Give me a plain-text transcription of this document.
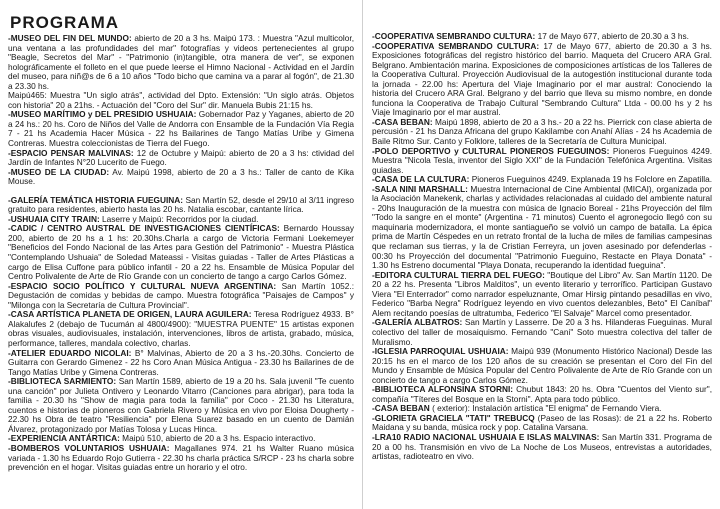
PROGRAMA

-MUSEO DEL FIN DEL MUNDO: abierto de 20 a 3 hs. Maipú 173. : Muestra "Azul multicolor, una ventana a las profundidades del mar" fotografías y videos pertenecientes al grupo "Beagle, Secretos del Mar" - "Patrimonio (in)tangible, otra manera de ver", se exponen holográficamente el folleto en el que puede leerse el Himno Nacional - Actividad en el Jardín del museo, para niñ@s de 6 a 10 años "Todo bicho que camina va a parar al fogón", de 21.30 a 23.30 hs.

Maipú465: Muestra "Un siglo atrás", actividad del Dpto. Extensión: "Un siglo atrás. Objetos con historia" 20 a 21hs. - Actuación del "Coro del Sur" dir. Manuela Bubis 21:15 hs.

-MUSEO MARÍTIMO y DEL PRESIDIO USHUAIA: Gobernador Paz y Yaganes, abierto de 20 a 24 hs.: 20 hs. Coro de Niños del Valle de Andorra con Ensamble de la Fundación Vía Regia 7 - 21 hs Academia Hacer Música - 22 hs Bailarines de Tango Matías Uribe y Gimena Contreras. Muestra coleccionistas de Tierra del Fuego.

-ESPACIO PENSAR MALVINAS: 12 de Octubre y Maipú: abierto de 20 a 3 hs: ctividad del Jardín de Infantes N°20 Lucerito de Fuego.

-MUSEO DE LA CIUDAD: Av. Maipú 1998, abierto de 20 a 3 hs.: Taller de canto de Kika Mouse.

-GALERÍA TEMÁTICA HISTORIA FUEGUINA: San Martín 52, desde el 29/10 al 3/11 ingreso gratuito para residentes, abierto hasta las 20 hs. Natalia escobar, cantante lírica.

-USHUAIA CITY TRAIN: Laserre y Maipú: Recorridos por la ciudad.

-CADIC / CENTRO AUSTRAL DE INVESTIGACIONES CIENTÍFICAS: Bernardo Houssay 200, abierto de 20 hs a 1 hs: 20.30hs.Charla a cargo de Victoria Fermani Loekemeyer "Beneficios del Fondo Nacional de las Artes para Gestión del Patrimonio" - Muestra Plástica "Contemplando Ushuaia" de Soledad Mateassi - Visitas guiadas - Taller de Artes Plásticas a cargo de Elisa Cuffone para público infantil - 20 a 22 hs. Ensamble de Música Popular del Centro Polivalente de Arte de Río Grande con un concierto de tango a cargo Carlos Gómez.

-ESPACIO SOCIO POLÍTICO Y CULTURAL NUEVA ARGENTINA: San Martín 1052.: Degustación de comidas y bebidas de campo. Muestra fotográfica "Paisajes de Campos" y "Milonga con la Secretaría de Cultura Provincial".

-CASA ARTÍSTICA PLANETA DE ORIGEN, LAURA AGUILERA: Teresa Rodríguez 4933. B° Alakalufes 2 (debajo de Tucumán al 4800/4900): "MUESTRA PUENTE" 15 artistas exponen obras visuales, audiovisuales, instalación, intervenciones, libros de artista, grabado, música, performance, talleres, mandala colectivo, charlas.

-ATELIER EDUARDO NICOLAI: B° Malvinas, Abierto de 20 a 3 hs.-20.30hs. Concierto de Guitarra con Gerardo Gimenez - 22 hs Coro Anan Música Antigua - 23.30 hs Bailarines de de Tango Matías Uribe y Gimena Contreras.

-BIBLIOTECA SARMIENTO: San Martín 1589, abierto de 19 a 20 hs. Sala juvenil "Te cuento una canción" por Julieta Ontivero y Leonardo Vitarro (Canciones para abrigar), para toda la familia - 20.30 hs "Show de magia para toda la familia" por Coco - 21.30 hs Literatura, cuentos e historias de pioneros con Gabriela Rivero y Música en vivo por Eloisa Dougherty - 22.30 hs Obra de teatro "Resiliencia" por Elena Suarez basado en un cuento de Damián Álvarez, protagonizado por Matías Tolosa y Lucas Hinca.

-EXPERIENCIA ANTÁRTICA: Maipú 510, abierto de 20 a 3 hs. Espacio interactivo.

-BOMBEROS VOLUNTARIOS USHUAIA: Magallanes 974. 21 hs Walter Ruano música variada - 1.30 hs Eduardo Rojo Gutierra - 22.30 hs charla práctica S/RCP - 23 hs charla sobre prevención en el hogar. Visitas guiadas entre un horario y el otro.

-COOPERATIVA SEMBRANDO CULTURA: 17 de Mayo 677, abierto de 20.30 a 3 hs.

-COOPERATIVA SEMBRANDO CULTURA: 17 de Mayo 677, abierto de 20.30 a 3 hs. Exposiciones fotográficas del registro histórico del barrio. Maqueta del Crucero ARA Gral. Belgrano. Ambientación marina. Exposiciones de composiciones artísticas de los Talleres de la Cooperativa Cultural. Proyección Audiovisual de la autogestión institucional durante toda la jornada - 22.00 hs: Apertura del Viaje Imaginario por el mar austral: Conociendo la historia del Crucero ARA Gral. Belgrano y del barrio que lleva su mismo nombre, en donde funciona la Cooperativa de Trabajo Cultural "Sembrando Cultura" Ltda - 00.00 hs y 2 hs Viaje Imaginario por el mar austral.

-CASA BEBAN: Maipú 1898, abierto de 20 a 3 hs.- 20 a 22 hs. Pierrick con clase abierta de percusión - 21 hs Danza Africana del grupo Kakilambe con Anahí Alías - 24 hs Academia de Baile Ritmo Sur. Canto y Folklore, talleres de la Secretaría de Cultura Municipal.

-POLO DEPORTIVO y CULTURAL PIONEROS FUEGUINOS: Pioneros Fueguinos 4249. Muestra "Nicola Tesla, inventor del Siglo XXI" de la Fundación Telefónica Argentina. Visitas guiadas.

-CASA DE LA CULTURA: Pioneros Fueguinos 4249. Explanada 19 hs Folclore en Zapatilla.

-SALA NINI MARSHALL: Muestra Internacional de Cine Ambiental (MICAI), organizada por la Asociación Manekenk, charlas y actividades relacionadas al cuidado del ambiente natural - 20hs Inauguración de la muestra con música de Ignacio Boreal - 21hs Proyección del film "Todo la sangre en el monte" (Argentina - 71 minutos) Cuento el agronegocio llegó con su maquinaria modernizadora, el monte santiagueño se volvió un campo de batalla. La épica prima de Martín Céspedes en un retrato frontal de la lucha de miles de familias campesinas que reclaman sus tierras, y la de Cristian Ferreyra, un joven asesinado por defenderlas - 00:30 hs Proyección del documental "Patrimonio Fueguino, Restacte en Playa Donata" - 1.30 hs Estreno documental "Playa Donata, recuperando la identidad fueguina".

-EDITORA CULTURAL TIERRA DEL FUEGO: "Boutique del Libro" Av. San Martín 1120. De 20 a 22 hs. Presenta "Libros Malditos", un evento literario y terrorífico. Participan Gustavo Viera "El Enterrador" como narrador espeluznante, Omar Hirsig pintando pesadillas en vivo, Federico "Barba Negra" Rodríguez leyendo en vivo cuentos delezanbles, Beto" El Caníbal" Alem recitando poesías de ultratumba, Federico "El Salvaje" Marcel como presentador.

-GALERÍA ALBATROS: San Martín y Lasserre. De 20 a 3 hs. Hilanderas Fueguinas. Mural colectivo del taller de mosaiquismo. Fernando "Cani" Soto muestra colectiva del taller de Muralismo.

-IGLESIA PARROQUIAL USHUAIA: Maipú 939 (Monumento Histórico Nacional) Desde las 20:15 hs en el marco de los 120 años de su creación se presentan el Coro del Fin del Mundo y Ensamble de Música Popular del Centro Polivalente de Arte de Río Grande con un concierto de tango a cargo Carlos Gómez.

-BIBLIOTECA ALFONSINA STORNI: Chubut 1843: 20 hs. Obra "Cuentos del Viento sur", compañía "Títeres del Bosque en la Storni". Apta para todo público.

-CASA BEBAN ( exterior): Instalación artística "El enigma" de Fernando Viera.

-GLORIETA GRACIELA "TATI" TREBUCQ (Paseo de las Rosas): de 21 a 22 hs. Roberto Maidana y su banda, música rock y pop. Catalina Varsana.

-LRA10 RADIO NACIONAL USHUAIA E ISLAS MALVINAS: San Martín 331. Programa de 20 a 00 hs. Transmisión en vivo de La Noche de Los Museos, entrevistas a autoridades, artistas, radioteatro en vivo.
